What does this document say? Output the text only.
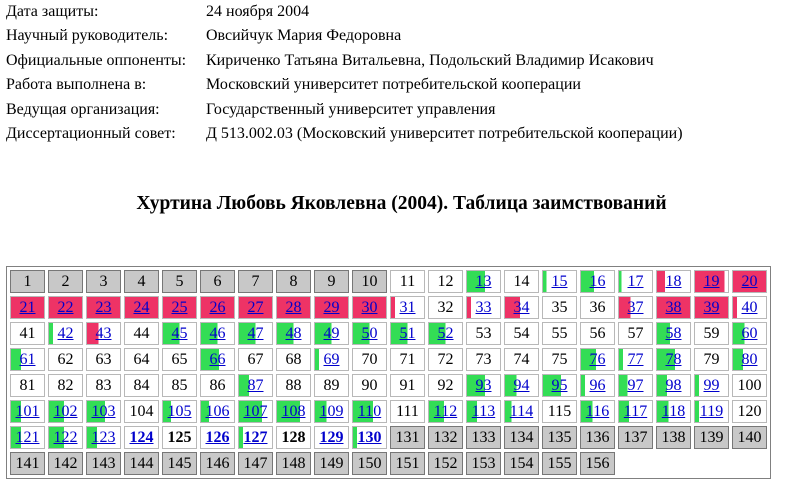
Дата защиты:	24 ноября 2004
Научный руководитель: Овсийчук Мария Федоровна
Официальные оппоненты: Кириченко Татьяна Витальевна, Подольский Владимир Исакович
Работа выполнена в:	Московский университет потребительской кооперации
Ведущая организация:	Государственный университет управления
Диссертационный совет: Д 513.002.03 (Московский университет потребительской кооперации)
Хуртина Любовь Яковлевна (2004). Таблица заимствований
1	2	3	4	5	6	7	8	9	10	11	12	13	14	15	16	17	18	19	20
21	22	23	24	25	26	27	28	29	30	31	32	33	34	35	36	37	38	39	40
41	42	43	44	45	46	47	48	49	50	51	52	53	54	55	56	57	58	59	60
61	62	63	64	65	66	67	68	69	70	71	72	73	74	75	76	77	78	79	80
81	82	83	84	85	86	87	88	89	90	91	92	93	94	95	96	97	98	99	100
101	102	103	104	105	106	107	108	109	110	111	112	113	114	115	116	117	118	119	120
121	122	123	124	125	126	127	128	129	130	131	132	133	134	135	136	137	138	139	140
141	142	143	144	145	146	147	148	149	150	151	152	153	154	155	156				
